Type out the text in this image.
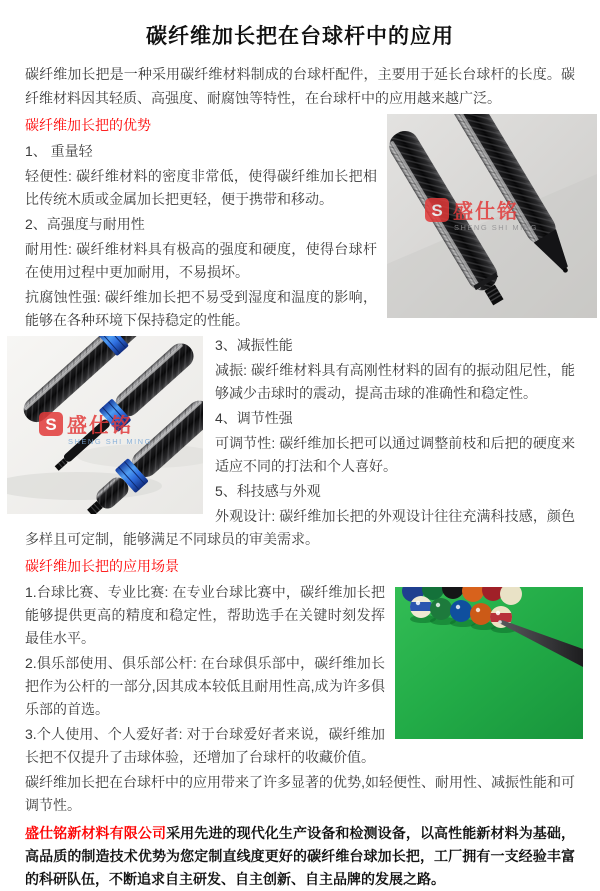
碳纤维加长把在台球杆中的应用

碳纤维加长把是一种采用碳纤维材料制成的台球杆配件，主要用于延长台球杆的长度。碳纤维材料因其轻质、高强度、耐腐蚀等特性，在台球杆中的应用越来越广泛。

S 盛仕铭
SHENG SHI MING
碳纤维加长把的优势

1、 重量轻

轻便性: 碳纤维材料的密度非常低，使得碳纤维加长把相比传统木质或金属加长把更轻，便于携带和移动。

2、高强度与耐用性

耐用性: 碳纤维材料具有极高的强度和硬度，使得台球杆在使用过程中更加耐用，不易损坏。

抗腐蚀性强: 碳纤维加长把不易受到湿度和温度的影响，能够在各种环境下保持稳定的性能。

S 盛仕铭
SHENG SHI MING

3、减振性能

减振: 碳纤维材料具有高刚性材料的固有的振动阻尼性，能够减少击球时的震动，提高击球的准确性和稳定性。

4、调节性强

可调节性: 碳纤维加长把可以通过调整前枝和后把的硬度来适应不同的打法和个人喜好。

5、科技感与外观

外观设计: 碳纤维加长把的外观设计往往充满科技感，颜色多样且可定制，能够满足不同球员的审美需求。

碳纤维加长把的应用场景

1.台球比赛、专业比赛: 在专业台球比赛中，碳纤维加长把能够提供更高的精度和稳定性，帮助选手在关键时刻发挥最佳水平。

2.俱乐部使用、俱乐部公杆: 在台球俱乐部中，碳纤维加长把作为公杆的一部分,因其成本较低且耐用性高,成为许多俱乐部的首选。

3.个人使用、个人爱好者: 对于台球爱好者来说，碳纤维加长把不仅提升了击球体验，还增加了台球杆的收藏价值。

碳纤维加长把在台球杆中的应用带来了许多显著的优势,如轻便性、耐用性、减振性能和可调节性。

盛仕铭新材料有限公司采用先进的现代化生产设备和检测设备，以高性能新材料为基础，高品质的制造技术优势为您定制直线度更好的碳纤维台球加长把，工厂拥有一支经验丰富的科研队伍，不断追求自主研发、自主创新、自主品牌的发展之路。
